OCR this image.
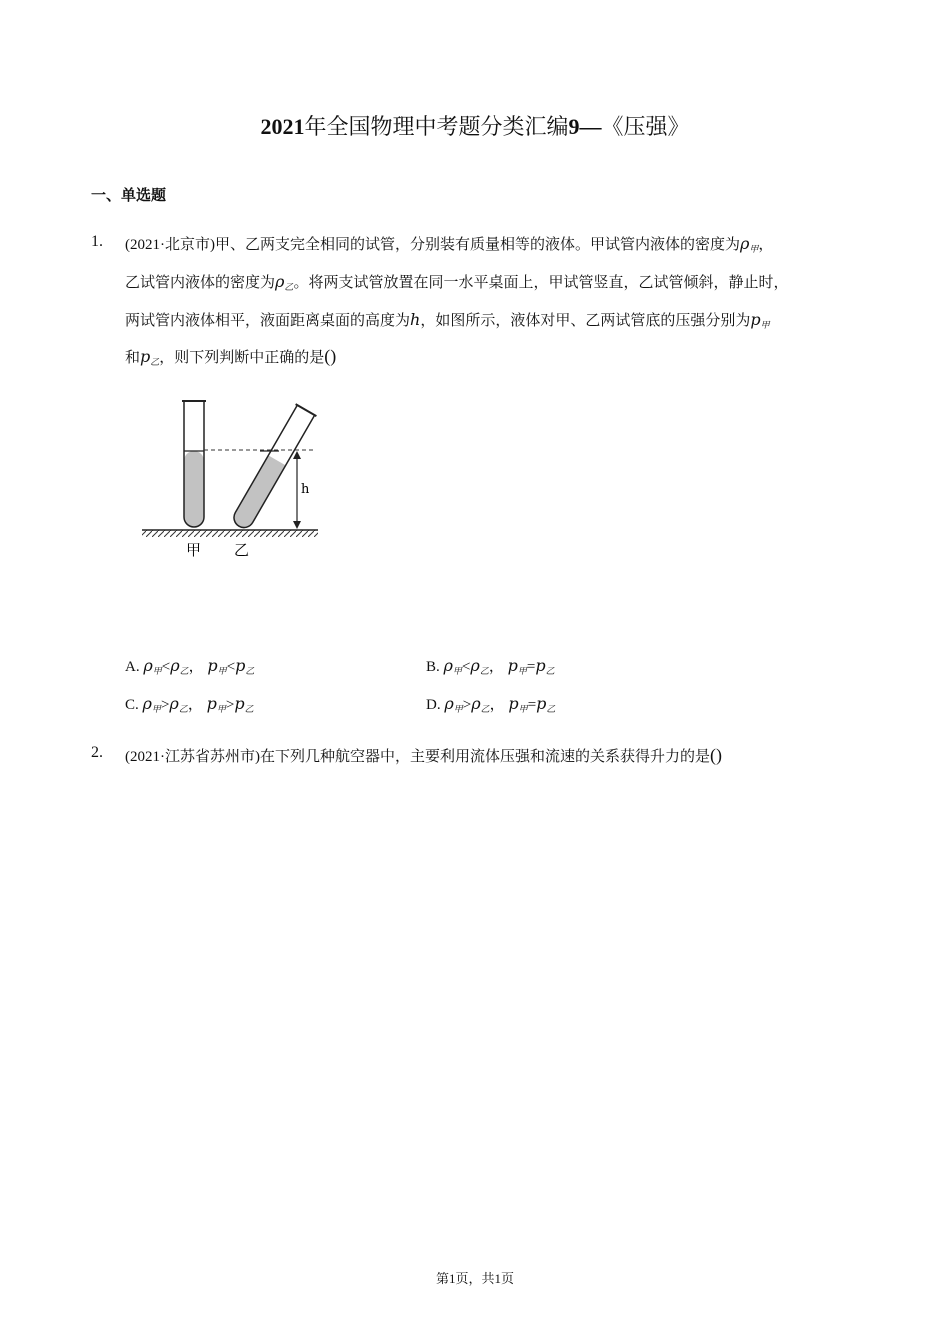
2021年全国物理中考题分类汇编9—《压强》
一、单选题
1. (2021·北京市)甲、乙两支完全相同的试管，分别装有质量相等的液体。甲试管内液体的密度为$\rho_甲$，
乙试管内液体的密度为$\rho_乙$。将两支试管放置在同一水平桌面上，甲试管竖直，乙试管倾斜，静止时，
两试管内液体相平，液面距离桌面的高度为h，如图所示，液体对甲、乙两试管底的压强分别为$p_甲$
和$p_乙$，则下列判断中正确的是()
h
甲 乙
A. $\rho_甲<\rho_乙$， $p_甲<p_乙$	B. $\rho_甲<\rho_乙$， $p_甲=p_乙$
C. $\rho_甲>\rho_乙$， $p_甲>p_乙$	D. $\rho_甲>\rho_乙$， $p_甲=p_乙$
2. (2021·江苏省苏州市)在下列几种航空器中，主要利用流体压强和流速的关系获得升力的是()
第1页，共1页
